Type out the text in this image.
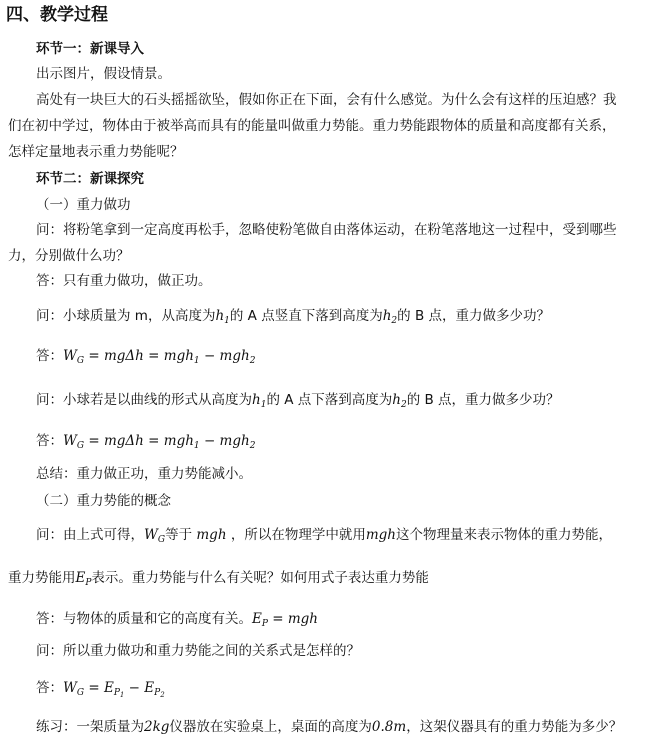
四、教学过程
环节一：新课导入
出示图片，假设情景。
高处有一块巨大的石头摇摇欲坠，假如你正在下面，会有什么感觉。为什么会有这样的压迫感？我
们在初中学过，物体由于被举高而具有的能量叫做重力势能。重力势能跟物体的质量和高度都有关系，
怎样定量地表示重力势能呢？
环节二：新课探究
（一）重力做功
问：将粉笔拿到一定高度再松手，忽略使粉笔做自由落体运动，在粉笔落地这一过程中，受到哪些
力，分别做什么功？
答：只有重力做功，做正功。
问：小球质量为 m，从高度为$h_1$的 A 点竖直下落到高度为$h_2$的 B 点，重力做多少功？
答：$W_G = mg\Delta h = mgh_1 - mgh_2$
问：小球若是以曲线的形式从高度为$h_1$的 A 点下落到高度为$h_2$的 B 点，重力做多少功？
答：$W_G = mg\Delta h = mgh_1 - mgh_2$
总结：重力做正功，重力势能减小。
（二）重力势能的概念
问：由上式可得，$W_G$等于 mgh ，所以在物理学中就用mgh这个物理量来表示物体的重力势能，
重力势能用$E_P$表示。重力势能与什么有关呢？如何用式子表达重力势能
答：与物体的质量和它的高度有关。$E_P$ = mgh
问：所以重力做功和重力势能之间的关系式是怎样的？
答：$W_G = E_{P_1} - E_{P_2}$
练习：一架质量为2kg仪器放在实验桌上，桌面的高度为0.8m，这架仪器具有的重力势能为多少？
